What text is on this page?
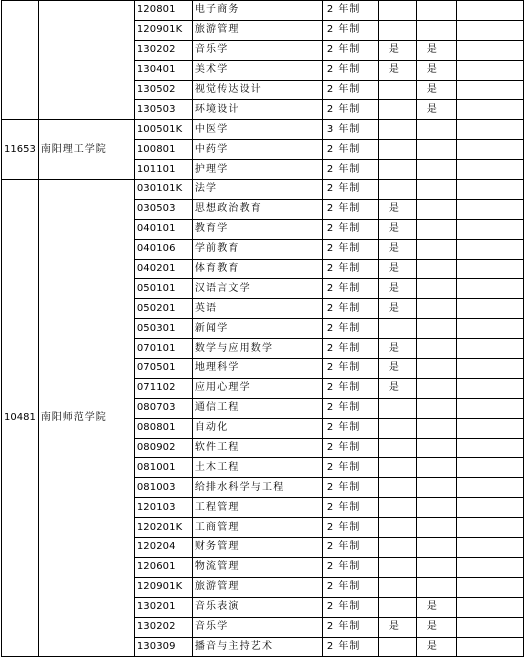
		120801	电子商务	2 年制			
		120901K	旅游管理	2 年制			
		130202	音乐学	2 年制	是	是	
		130401	美术学	2 年制	是	是	
		130502	视觉传达设计	2 年制		是	
		130503	环境设计	2 年制		是	
11653	南阳理工学院	100501K	中医学	3 年制			
		100801	中药学	2 年制			
		101101	护理学	2 年制			
10481	南阳师范学院	030101K	法学	2 年制			
		030503	思想政治教育	2 年制	是		
		040101	教育学	2 年制	是		
		040106	学前教育	2 年制	是		
		040201	体育教育	2 年制	是		
		050101	汉语言文学	2 年制	是		
		050201	英语	2 年制	是		
		050301	新闻学	2 年制			
		070101	数学与应用数学	2 年制	是		
		070501	地理科学	2 年制	是		
		071102	应用心理学	2 年制	是		
		080703	通信工程	2 年制			
		080801	自动化	2 年制			
		080902	软件工程	2 年制			
		081001	土木工程	2 年制			
		081003	给排水科学与工程	2 年制			
		120103	工程管理	2 年制			
		120201K	工商管理	2 年制			
		120204	财务管理	2 年制			
		120601	物流管理	2 年制			
		120901K	旅游管理	2 年制			
		130201	音乐表演	2 年制		是	
		130202	音乐学	2 年制	是	是	
		130309	播音与主持艺术	2 年制		是	
